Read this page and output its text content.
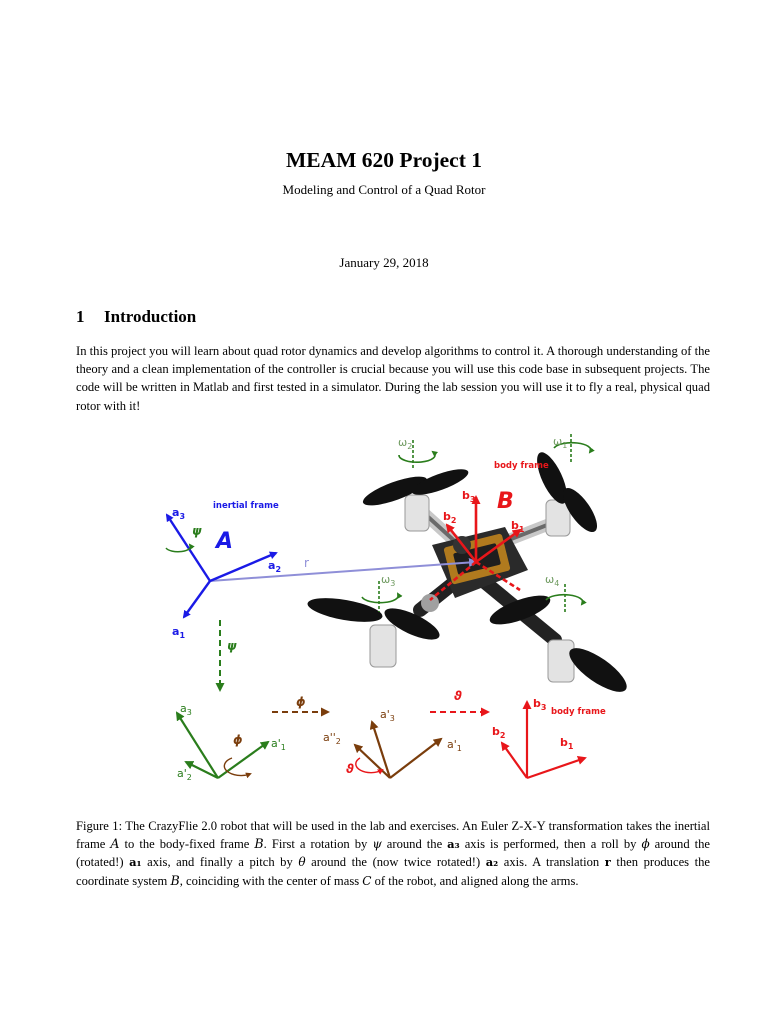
MEAM 620 Project 1
Modeling and Control of a Quad Rotor
January 29, 2018
1 Introduction
In this project you will learn about quad rotor dynamics and develop algorithms to control it. A thorough understanding of the theory and a clean implementation of the controller is crucial because you will use this code base in subsequent projects. The code will be written in Matlab and first tested in a simulator. During the lab session you will use it to fly a real, physical quad rotor with it!
$\omega_2$	$\omega_1$
$\omega_3$	$\omega_4$
r
$b_3$
$b_1$
$b_2$
body frame
B
$a_3$
$a_2$
$a_1$
inertial frame
A
ψ
ψ
$a_3$
$a'_1$
$a'_2$
ϕ
ϕ
$a'_3$
$a''_2$	$a'_1$
ϑ
ϑ
$b_3$
$b_2$
$b_1$
body frame
Figure 1: The CrazyFlie 2.0 robot that will be used in the lab and exercises. An Euler Z-X-Y transformation takes the inertial frame A to the body-fixed frame B. First a rotation by ψ around the a₃ axis is performed, then a roll by ϕ around the (rotated!) a₁ axis, and finally a pitch by θ around the (now twice rotated!) a₂ axis. A translation r then produces the coordinate system B, coinciding with the center of mass C of the robot, and aligned along the arms.
